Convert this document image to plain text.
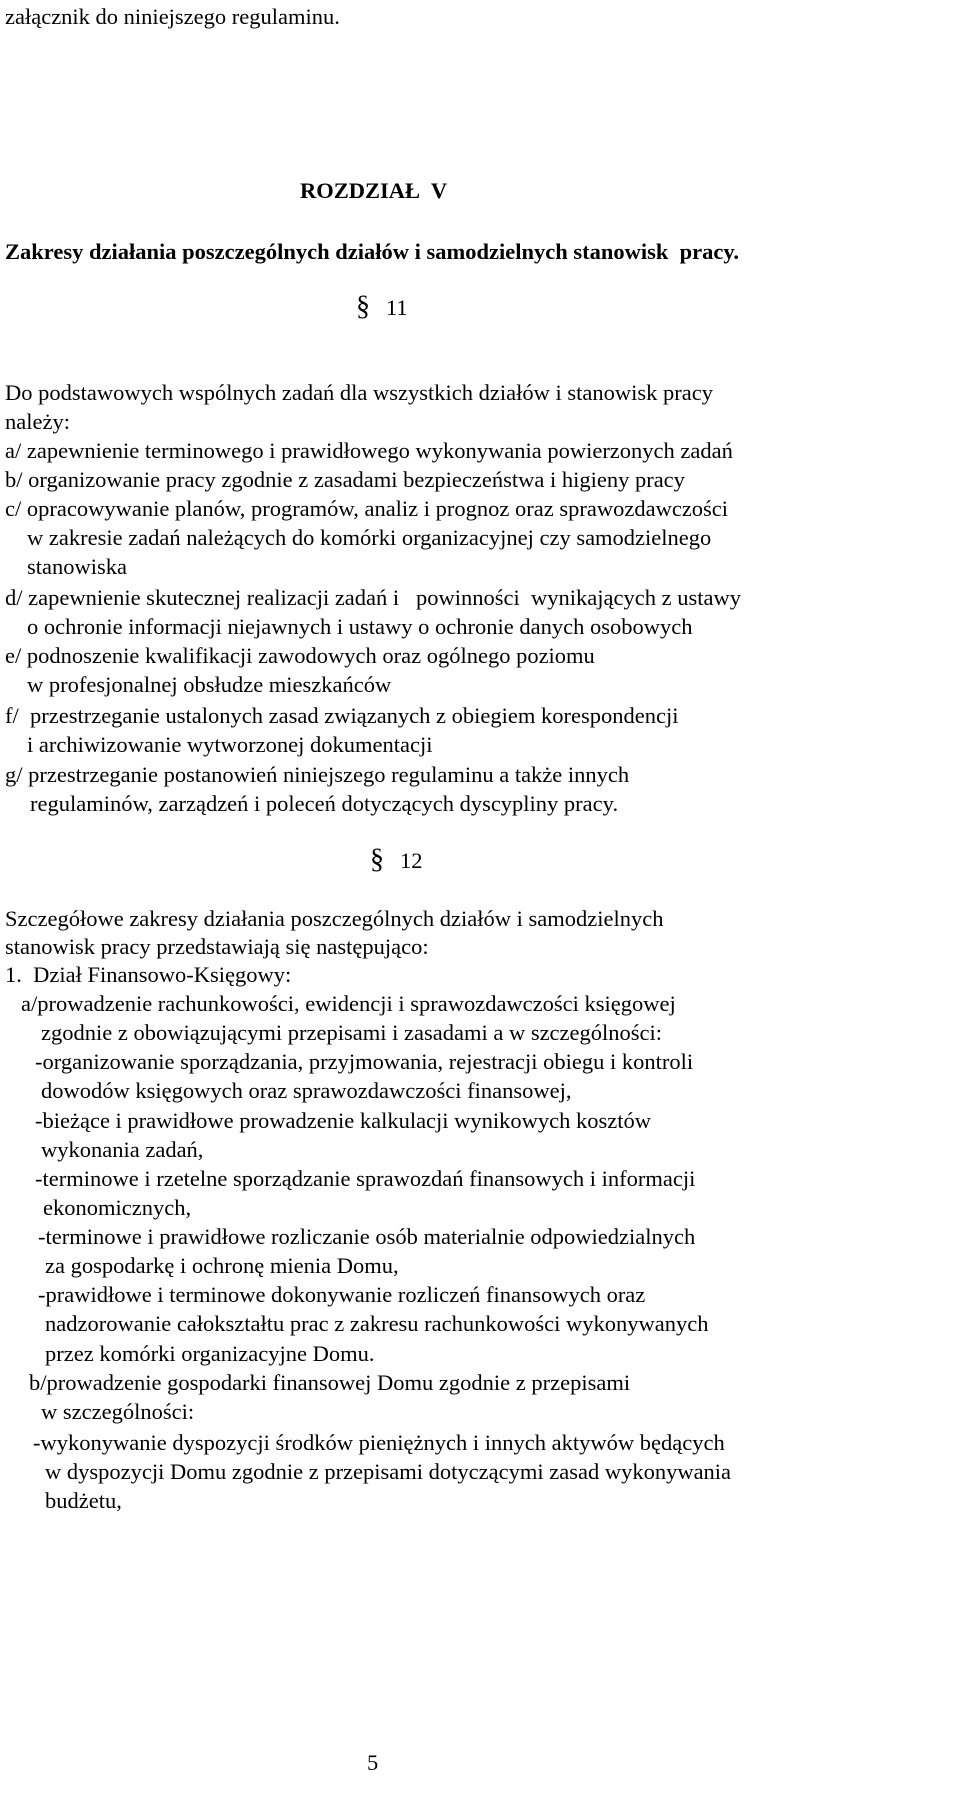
załącznik do niniejszego regulaminu.
ROZDZIAŁ  V
Zakresy działania poszczególnych działów i samodzielnych stanowisk  pracy.
§ 11
Do podstawowych wspólnych zadań dla wszystkich działów i stanowisk pracy
należy:
a/ zapewnienie terminowego i prawidłowego wykonywania powierzonych zadań
b/ organizowanie pracy zgodnie z zasadami bezpieczeństwa i higieny pracy
c/ opracowywanie planów, programów, analiz i prognoz oraz sprawozdawczości
w zakresie zadań należących do komórki organizacyjnej czy samodzielnego
stanowiska
d/ zapewnienie skutecznej realizacji zadań i   powinności  wynikających z ustawy
o ochronie informacji niejawnych i ustawy o ochronie danych osobowych
e/ podnoszenie kwalifikacji zawodowych oraz ogólnego poziomu
w profesjonalnej obsłudze mieszkańców
f/  przestrzeganie ustalonych zasad związanych z obiegiem korespondencji
i archiwizowanie wytworzonej dokumentacji
g/ przestrzeganie postanowień niniejszego regulaminu a także innych
regulaminów, zarządzeń i poleceń dotyczących dyscypliny pracy.
§ 12
Szczegółowe zakresy działania poszczególnych działów i samodzielnych
stanowisk pracy przedstawiają się następująco:
1.  Dział Finansowo-Księgowy:
a/prowadzenie rachunkowości, ewidencji i sprawozdawczości księgowej
zgodnie z obowiązującymi przepisami i zasadami a w szczególności:
-organizowanie sporządzania, przyjmowania, rejestracji obiegu i kontroli
dowodów księgowych oraz sprawozdawczości finansowej,
-bieżące i prawidłowe prowadzenie kalkulacji wynikowych kosztów
wykonania zadań,
-terminowe i rzetelne sporządzanie sprawozdań finansowych i informacji
ekonomicznych,
-terminowe i prawidłowe rozliczanie osób materialnie odpowiedzialnych
za gospodarkę i ochronę mienia Domu,
-prawidłowe i terminowe dokonywanie rozliczeń finansowych oraz
nadzorowanie całokształtu prac z zakresu rachunkowości wykonywanych
przez komórki organizacyjne Domu.
b/prowadzenie gospodarki finansowej Domu zgodnie z przepisami
w szczególności:
-wykonywanie dyspozycji środków pieniężnych i innych aktywów będących
w dyspozycji Domu zgodnie z przepisami dotyczącymi zasad wykonywania
budżetu,
5
